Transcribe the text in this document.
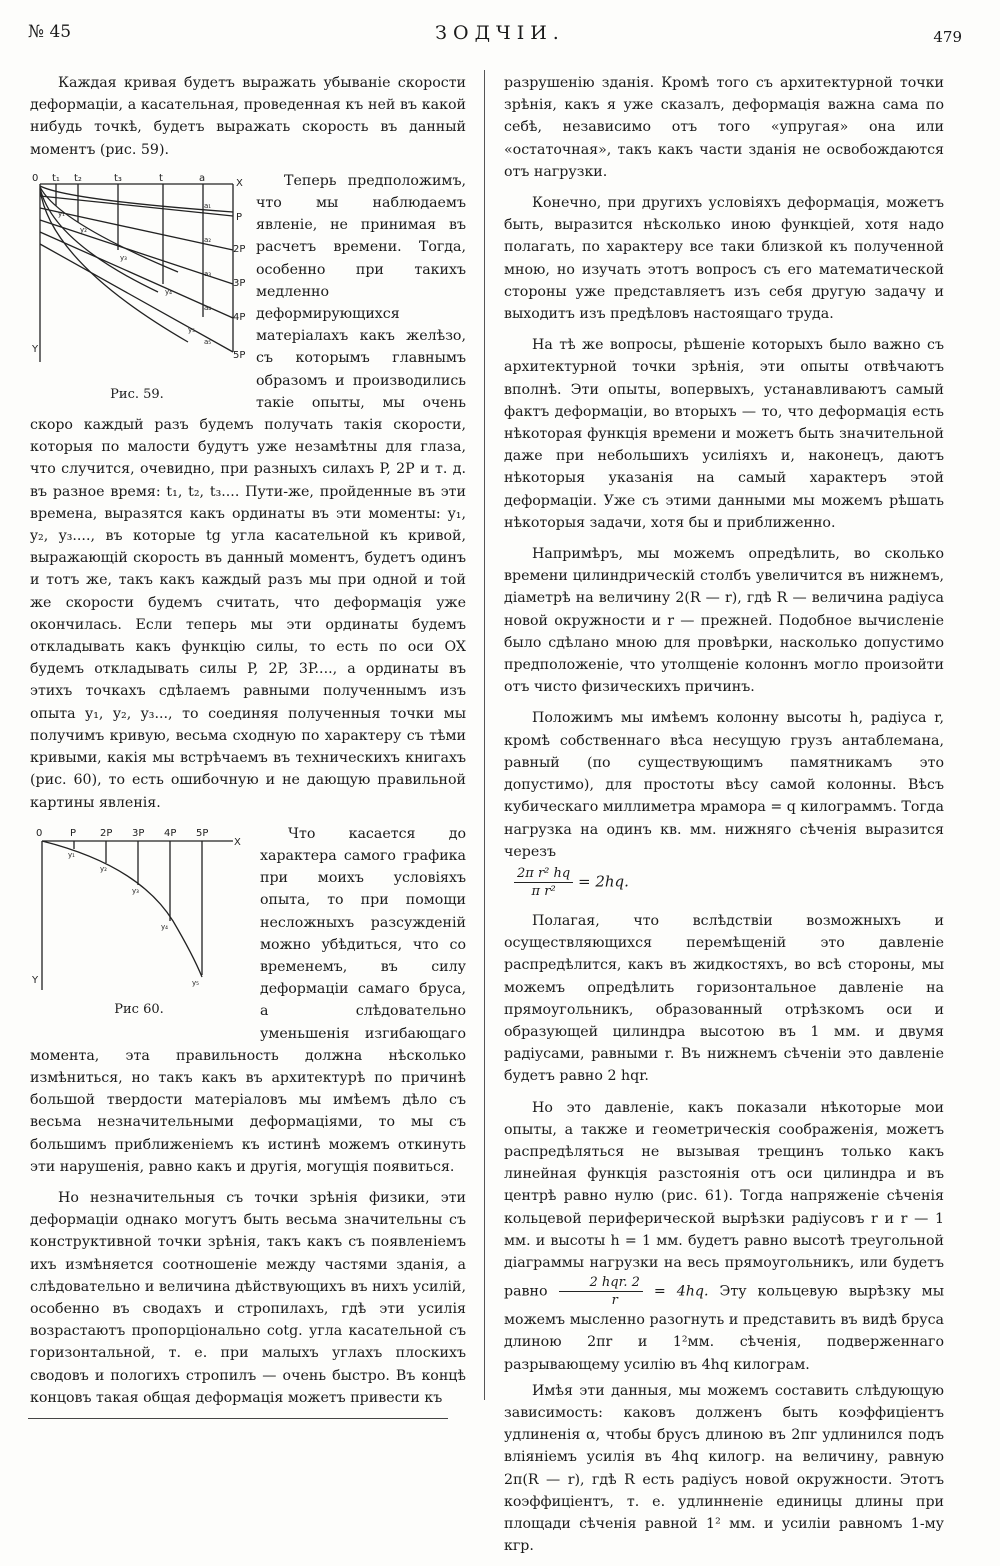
№ 45	ЗОДЧІИ.	479

Каждая кривая будетъ выражать убываніе скорости деформаціи, а касательная, проведенная къ ней въ какой нибудь точкѣ, будетъ выражать скорость въ данный моментъ (рис. 59).

0 t₁ t₂	t₃	t	a	X
P
2P
3P
4P
5P
Y
a₁
a₂
a₃
a₄
a₅
y₁
y₂
y₃
y₄
y₅
Рис. 59.

Теперь предположимъ, что мы наблюдаемъ явленіе, не принимая въ расчетъ времени. Тогда, особенно при такихъ медленно деформирующихся матеріалахъ какъ желѣзо, съ которымъ главнымъ образомъ и производились такіе опыты, мы очень скоро каждый разъ будемъ получать такія скорости, которыя по малости будутъ уже незамѣтны для глаза, что случится, очевидно, при разныхъ силахъ P, 2P и т. д. въ разное время: t₁, t₂, t₃.... Пути-же, пройденные въ эти времена, выразятся какъ ординаты въ эти моменты: y₁, y₂, y₃...., въ которые tg угла касательной къ кривой, выражающій скорость въ данный моментъ, будетъ одинъ и тотъ же, такъ какъ каждый разъ мы при одной и той же скорости будемъ считать, что деформація уже окончилась. Если теперь мы эти ординаты будемъ откладывать какъ функцію силы, то есть по оси OX будемъ откладывать силы P, 2P, 3P...., а ординаты въ этихъ точкахъ сдѣлаемъ равными полученнымъ изъ опыта y₁, y₂, y₃..., то соединяя полученныя точки мы получимъ кривую, весьма сходную по характеру съ тѣми кривыми, какія мы встрѣчаемъ въ техническихъ книгахъ (рис. 60), то есть ошибочную и не дающую правильной картины явленія.

0	P 2P 3P 4P 5P
X
Y
y₁
y₂
y₃
y₄
y₅
Рис 60.

Что касается до характера самого графика при моихъ условіяхъ опыта, то при помощи несложныхъ разсужденій можно убѣдиться, что со временемъ, въ силу деформаціи самаго бруса, а слѣдовательно уменьшенія изгибающаго момента, эта правильность должна нѣсколько измѣниться, но такъ какъ въ архитектурѣ по причинѣ большой твердости матеріаловъ мы имѣемъ дѣло съ весьма незначительными деформаціями, то мы съ большимъ приближеніемъ къ истинѣ можемъ откинуть эти нарушенія, равно какъ и другія, могущія появиться.

Но незначительныя съ точки зрѣнія физики, эти деформаціи однако могутъ быть весьма значительны съ конструктивной точки зрѣнія, такъ какъ съ появленіемъ ихъ измѣняется соотношеніе между частями зданія, а слѣдовательно и величина дѣйствующихъ въ нихъ усилій, особенно въ сводахъ и стропилахъ, гдѣ эти усилія возрастаютъ пропорціонально cotg. угла касательной съ горизонтальной, т. е. при малыхъ углахъ плоскихъ сводовъ и пологихъ стропилъ — очень быстро. Въ концѣ концовъ такая общая деформація можетъ привести къ

разрушенію зданія. Кромѣ того съ архитектурной точки зрѣнія, какъ я уже сказалъ, деформація важна сама по себѣ, независимо отъ того «упругая» она или «остаточная», такъ какъ части зданія не освобождаются отъ нагрузки.

Конечно, при другихъ условіяхъ деформація, можетъ быть, выразится нѣсколько иною функціей, хотя надо полагать, по характеру все таки близкой къ полученной мною, но изучать этотъ вопросъ съ его математической стороны уже представляетъ изъ себя другую задачу и выходитъ изъ предѣловъ настоящаго труда.

На тѣ же вопросы, рѣшеніе которыхъ было важно съ архитектурной точки зрѣнія, эти опыты отвѣчаютъ вполнѣ. Эти опыты, вопервыхъ, устанавливаютъ самый фактъ деформаціи, во вторыхъ — то, что деформація есть нѣкоторая функція времени и можетъ быть значительной даже при небольшихъ усиліяхъ и, наконецъ, даютъ нѣкоторыя указанія на самый характеръ этой деформаціи. Уже съ этими данными мы можемъ рѣшать нѣкоторыя задачи, хотя бы и приближенно.

Напримѣръ, мы можемъ опредѣлить, во сколько времени цилиндрическій столбъ увеличится въ нижнемъ, діаметрѣ на величину 2(R — r), гдѣ R — величина радіуса новой окружности и r — прежней. Подобное вычисленіе было сдѣлано мною для провѣрки, насколько допустимо предположеніе, что утолщеніе колоннъ могло произойти отъ чисто физическихъ причинъ.

Положимъ мы имѣемъ колонну высоты h, радіуса r, кромѣ собственнаго вѣса несущую грузъ антаблемана, равный (по существующимъ памятникамъ это допустимо), для простоты вѣсу самой колонны. Вѣсъ кубическаго миллиметра мрамора = q килограммъ. Тогда нагрузка на одинъ кв. мм. нижняго сѣченія выразится черезъ

$\frac{\text{2π r² hq}}{\text{π r²}} = 2hq$.

Полагая, что вслѣдствіи возможныхъ и осуществляющихся перемѣщеній это давленіе распредѣлится, какъ въ жидкостяхъ, во всѣ стороны, мы можемъ опредѣлить горизонтальное давленіе на прямоугольникъ, образованный отрѣзкомъ оси и образующей цилиндра высотою въ 1 мм. и двумя радіусами, равными r. Въ нижнемъ сѣченіи это давленіе будетъ равно 2 hqr.

Но это давленіе, какъ показали нѣкоторые мои опыты, а также и геометрическія соображенія, можетъ распредѣляться не вызывая трещинъ только какъ линейная функція разстоянія отъ оси цилиндра и въ центрѣ равно нулю (рис. 61). Тогда напряженіе сѣченія кольцевой периферической вырѣзки радіусовъ r и r — 1 мм. и высоты h = 1 мм. будетъ равно высотѣ треугольной діаграммы нагрузки на весь прямоугольникъ, или будетъ равно $\frac{\text{2 hqr. 2}}{r} = 4hq$. Эту кольцевую вырѣзку мы можемъ мысленно разогнуть и представить въ видѣ бруса длиною 2πr и 1²мм. сѣченія, подверженнаго разрывающему усилію въ 4hq килограм.

Имѣя эти данныя, мы можемъ составить слѣдующую зависимость: каковъ долженъ быть коэффиціентъ удлиненія α, чтобы брусъ длиною въ 2πr удлинился подъ вліяніемъ усилія въ 4hq килогр. на величину, равную 2π(R — r), гдѣ R есть радіусъ новой окружности. Этотъ коэффиціентъ, т. е. удлинненіе единицы длины при площади сѣченія равной 1² мм. и усиліи равномъ 1-му кгр.
